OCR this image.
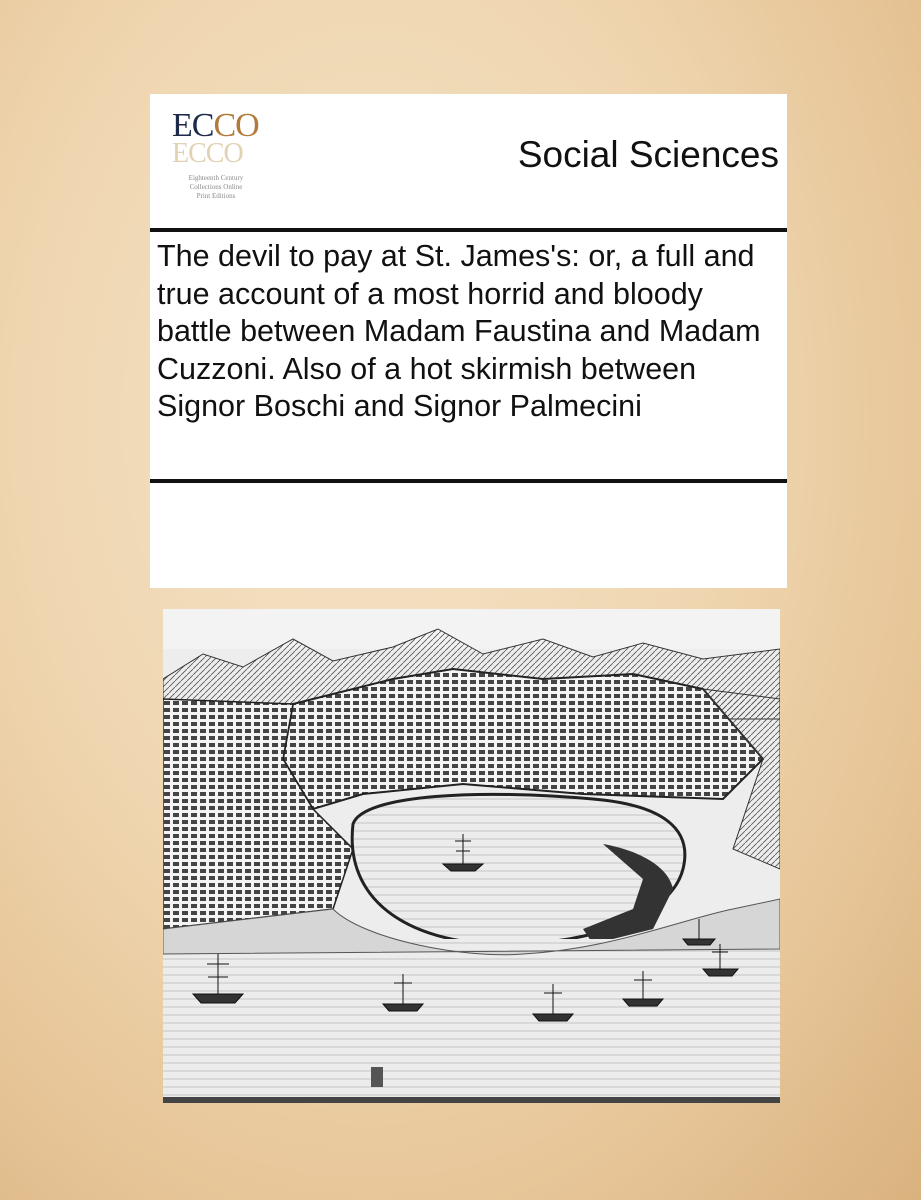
ECCO
ECCO
Eighteenth Century
Collections Online
Print Editions
Social Sciences

The devil to pay at St. James's: or, a full and true account of a most horrid and bloody battle between Madam Faustina and Madam Cuzzoni. Also of a hot skirmish between Signor Boschi and Signor Palmecini
